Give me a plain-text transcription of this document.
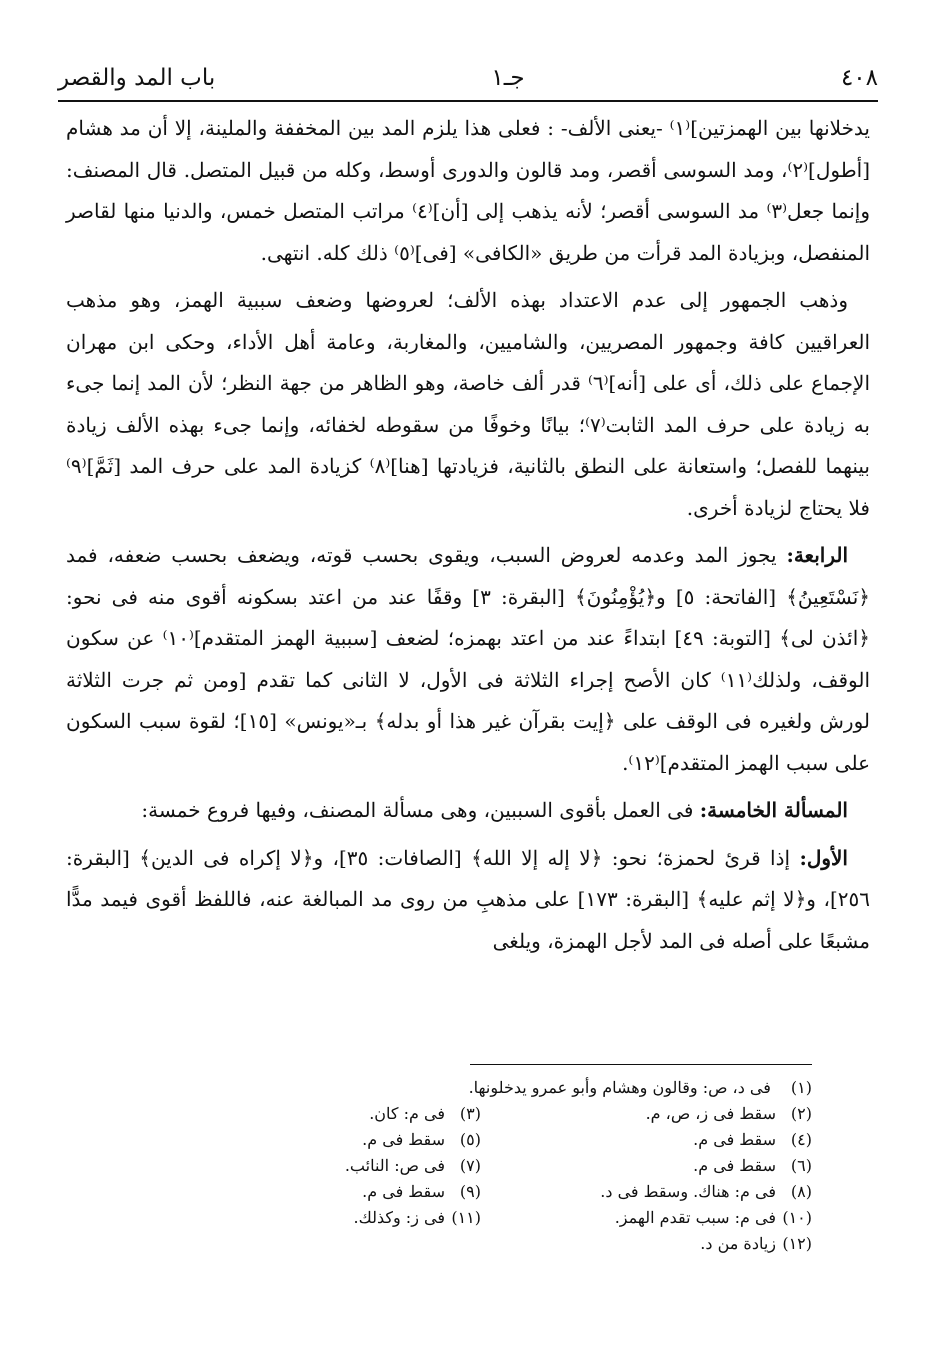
٤٠٨
جـ١
باب المد والقصر

يدخلانها بين الهمزتين]⁽١⁾ -يعنى الألف- : فعلى هذا يلزم المد بين المخففة والملينة، إلا أن مد هشام [أطول]⁽٢⁾، ومد السوسى أقصر، ومد قالون والدورى أوسط، وكله من قبيل المتصل. قال المصنف: وإنما جعل⁽٣⁾ مد السوسى أقصر؛ لأنه يذهب إلى [أن]⁽٤⁾ مراتب المتصل خمس، والدنيا منها لقاصر المنفصل، وبزيادة المد قرأت من طريق «الكافى» [فى]⁽٥⁾ ذلك كله. انتهى.

وذهب الجمهور إلى عدم الاعتداد بهذه الألف؛ لعروضها وضعف سببية الهمز، وهو مذهب العراقيين كافة وجمهور المصريين، والشاميين، والمغاربة، وعامة أهل الأداء، وحكى ابن مهران الإجماع على ذلك، أى على [أنه]⁽٦⁾ قدر ألف خاصة، وهو الظاهر من جهة النظر؛ لأن المد إنما جىء به زيادة على حرف المد الثابت⁽٧⁾؛ بيانًا وخوفًا من سقوطه لخفائه، وإنما جىء بهذه الألف زيادة بينهما للفصل؛ واستعانة على النطق بالثانية، فزيادتها [هنا]⁽٨⁾ كزيادة المد على حرف المد [ثَمَّ]⁽٩⁾ فلا يحتاج لزيادة أخرى.

الرابعة: يجوز المد وعدمه لعروض السبب، ويقوى بحسب قوته، ويضعف بحسب ضعفه، فمد ﴿نَسْتَعِينُ﴾ [الفاتحة: ٥] و﴿يُؤْمِنُونَ﴾ [البقرة: ٣] وقفًا عند من اعتد بسكونه أقوى منه فى نحو: ﴿ائذن لى﴾ [التوبة: ٤٩] ابتداءً عند من اعتد بهمزه؛ لضعف [سببية الهمز المتقدم]⁽١٠⁾ عن سكون الوقف، ولذلك⁽١١⁾ كان الأصح إجراء الثلاثة فى الأول، لا الثانى كما تقدم [ومن ثم جرت الثلاثة لورش ولغيره فى الوقف على ﴿إيت بقرآن غير هذا أو بدله﴾ بـ«يونس» [١٥]؛ لقوة سبب السكون على سبب الهمز المتقدم]⁽١٢⁾.

المسألة الخامسة: فى العمل بأقوى السببين، وهى مسألة المصنف، وفيها فروع خمسة:

الأول: إذا قرئ لحمزة؛ نحو: ﴿لا إله إلا الله﴾ [الصافات: ٣٥]، و﴿لا إكراه فى الدين﴾ [البقرة: ٢٥٦]، و﴿لا إثم عليه﴾ [البقرة: ١٧٣] على مذهبِ من روى مد المبالغة عنه، فاللفظ أقوى فيمد مدًّا مشبعًا على أصله فى المد لأجل الهمزة، ويلغى

(١) فى د، ص: وقالون وهشام وأبو عمرو يدخلونها.
(٢)سقط فى ز، ص، م.
(٣)فى م: كان.
(٤)سقط فى م.
(٥)سقط فى م.
(٦)سقط فى م.
(٧)فى ص: النائب.
(٨)فى م: هناك. وسقط فى د.
(٩)سقط فى م.
(١٠)فى م: سبب تقدم الهمز.
(١١)فى ز: وكذلك.
(١٢)زيادة من د.
